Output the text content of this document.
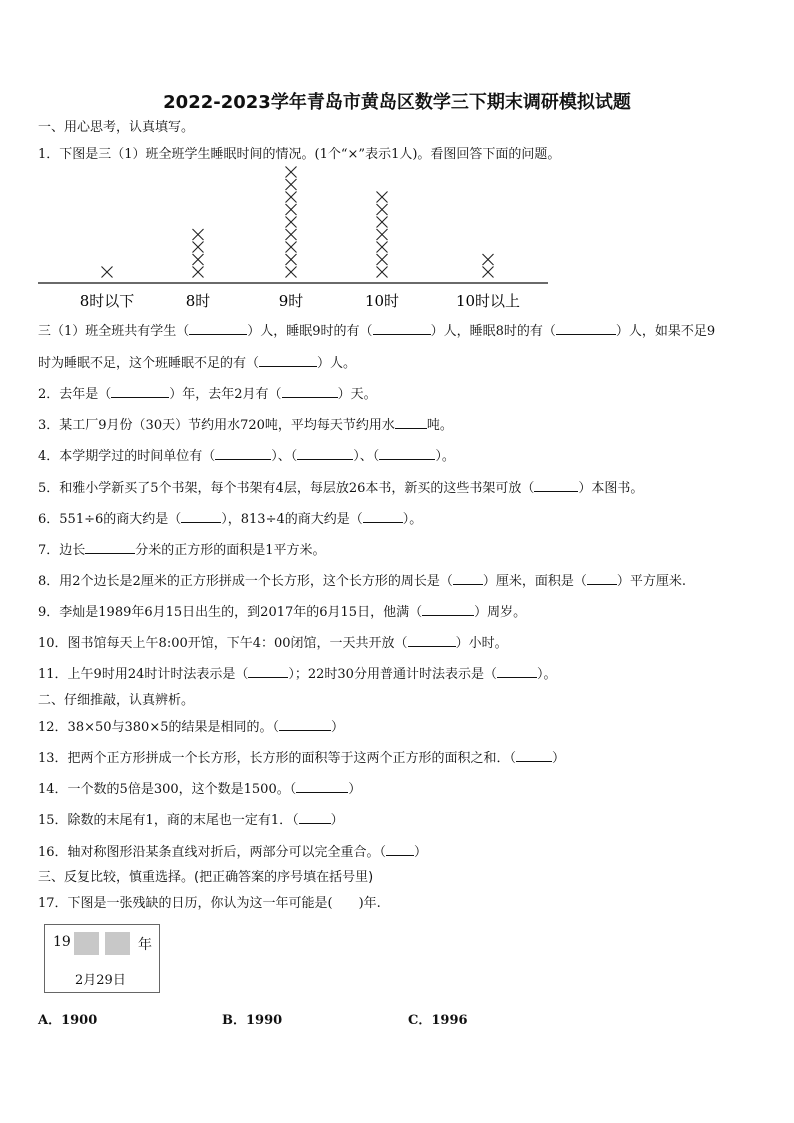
2022-2023学年青岛市黄岛区数学三下期末调研模拟试题
一、用心思考，认真填写。
1．下图是三（1）班全班学生睡眠时间的情况。(1个“×”表示1人)。看图回答下面的问题。
8时以下	8时	9时	10时	10时以上
三（1）班全班共有学生（	）人，睡眠9时的有（	）人，睡眠8时的有（	）人，如果不足9
时为睡眠不足，这个班睡眠不足的有（	）人。
2．去年是（	）年，去年2月有（	）天。
3．某工厂9月份（30天）节约用水720吨，平均每天节约用水 吨。
4．本学期学过的时间单位有（	）、（	）、（	）。
5．和雅小学新买了5个书架，每个书架有4层，每层放26本书，新买的这些书架可放（	）本图书。
6．551÷6的商大约是（	），813÷4的商大约是（	）。
7．边长	分米的正方形的面积是1平方米。
8．用2个边长是2厘米的正方形拼成一个长方形，这个长方形的周长是（ ）厘米，面积是（ ）平方厘米.
9．李灿是1989年6月15日出生的，到2017年的6月15日，他满（	）周岁。
10．图书馆每天上午8:00开馆，下午4：00闭馆，一天共开放（	）小时。
11．上午9时用24时计时法表示是（	）；22时30分用普通计时法表示是（	）。
二、仔细推敲，认真辨析。
12．38×50与380×5的结果是相同的。（	）
13．把两个正方形拼成一个长方形，长方形的面积等于这两个正方形的面积之和．（	）
14．一个数的5倍是300，这个数是1500。（	）
15．除数的末尾有1，商的末尾也一定有1．（ ）
16．轴对称图形沿某条直线对折后，两部分可以完全重合。（ ）
三、反复比较，慎重选择。(把正确答案的序号填在括号里)
17．下图是一张残缺的日历，你认为这一年可能是(　　)年.
19	年
2月29日
A．1900	B．1990	C．1996
